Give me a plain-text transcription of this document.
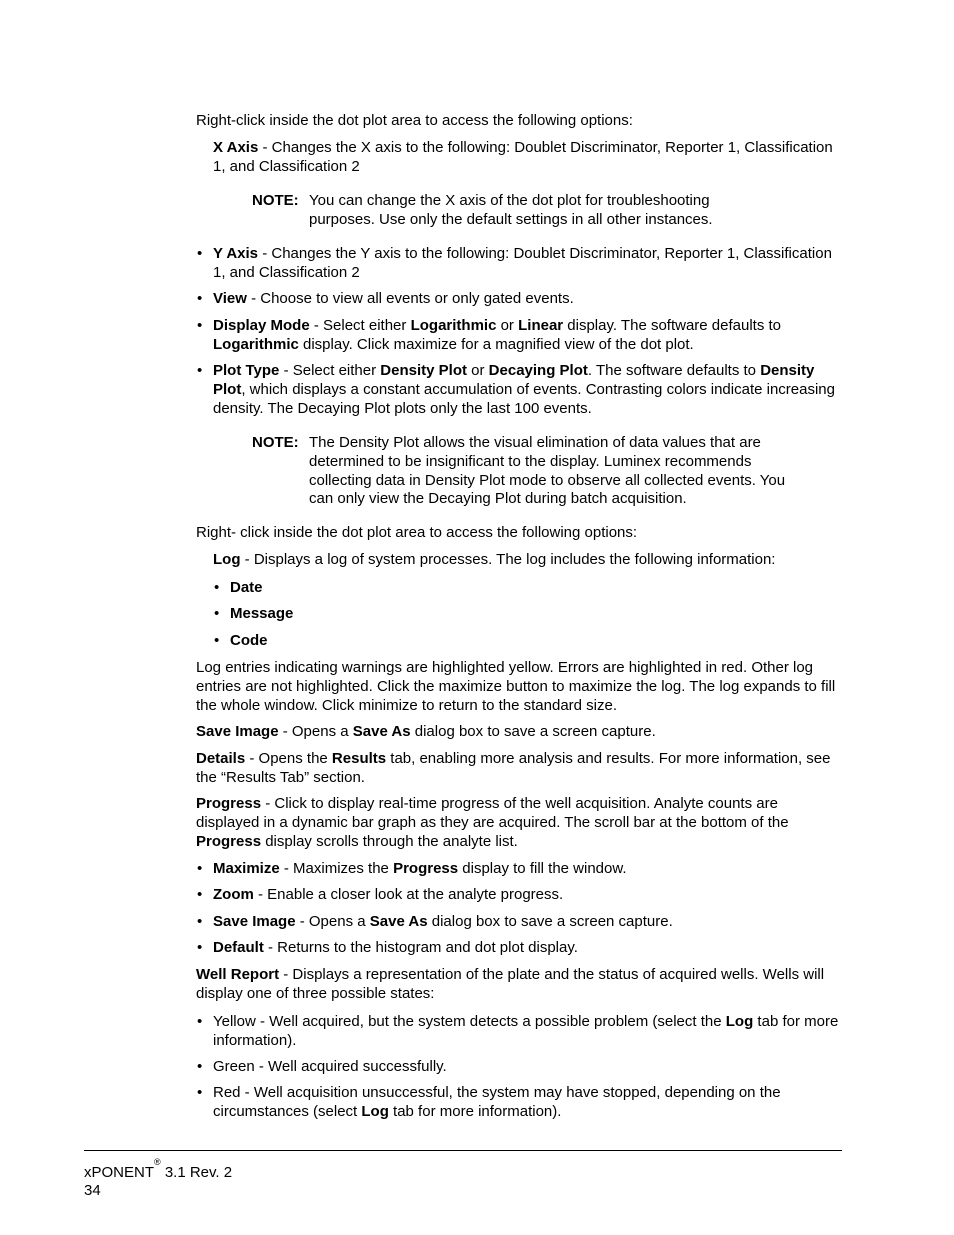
Right-click inside the dot plot area to access the following options:
X Axis - Changes the X axis to the following: Doublet Discriminator, Reporter 1, Classification 1, and Classification 2
NOTE: You can change the X axis of the dot plot for troubleshooting purposes. Use only the default settings in all other instances.
• Y Axis - Changes the Y axis to the following: Doublet Discriminator, Reporter 1, Classification 1, and Classification 2
• View - Choose to view all events or only gated events.
• Display Mode - Select either Logarithmic or Linear display. The software defaults to Logarithmic display. Click maximize for a magnified view of the dot plot.
• Plot Type - Select either Density Plot or Decaying Plot. The software defaults to Density Plot, which displays a constant accumulation of events. Contrasting colors indicate increasing density. The Decaying Plot plots only the last 100 events.
NOTE: The Density Plot allows the visual elimination of data values that are determined to be insignificant to the display. Luminex recommends collecting data in Density Plot mode to observe all collected events. You can only view the Decaying Plot during batch acquisition.
Right- click inside the dot plot area to access the following options:
Log - Displays a log of system processes. The log includes the following information:
• Date
• Message
• Code
Log entries indicating warnings are highlighted yellow. Errors are highlighted in red. Other log entries are not highlighted. Click the maximize button to maximize the log. The log expands to fill the whole window. Click minimize to return to the standard size.
Save Image - Opens a Save As dialog box to save a screen capture.
Details - Opens the Results tab, enabling more analysis and results. For more information, see the “Results Tab” section.
Progress - Click to display real-time progress of the well acquisition. Analyte counts are displayed in a dynamic bar graph as they are acquired. The scroll bar at the bottom of the Progress display scrolls through the analyte list.
• Maximize - Maximizes the Progress display to fill the window.
• Zoom - Enable a closer look at the analyte progress.
• Save Image - Opens a Save As dialog box to save a screen capture.
• Default - Returns to the histogram and dot plot display.
Well Report - Displays a representation of the plate and the status of acquired wells. Wells will display one of three possible states:
• Yellow - Well acquired, but the system detects a possible problem (select the Log tab for more information).
• Green - Well acquired successfully.
• Red - Well acquisition unsuccessful, the system may have stopped, depending on the circumstances (select Log tab for more information).
xPONENT® 3.1 Rev. 2
34
